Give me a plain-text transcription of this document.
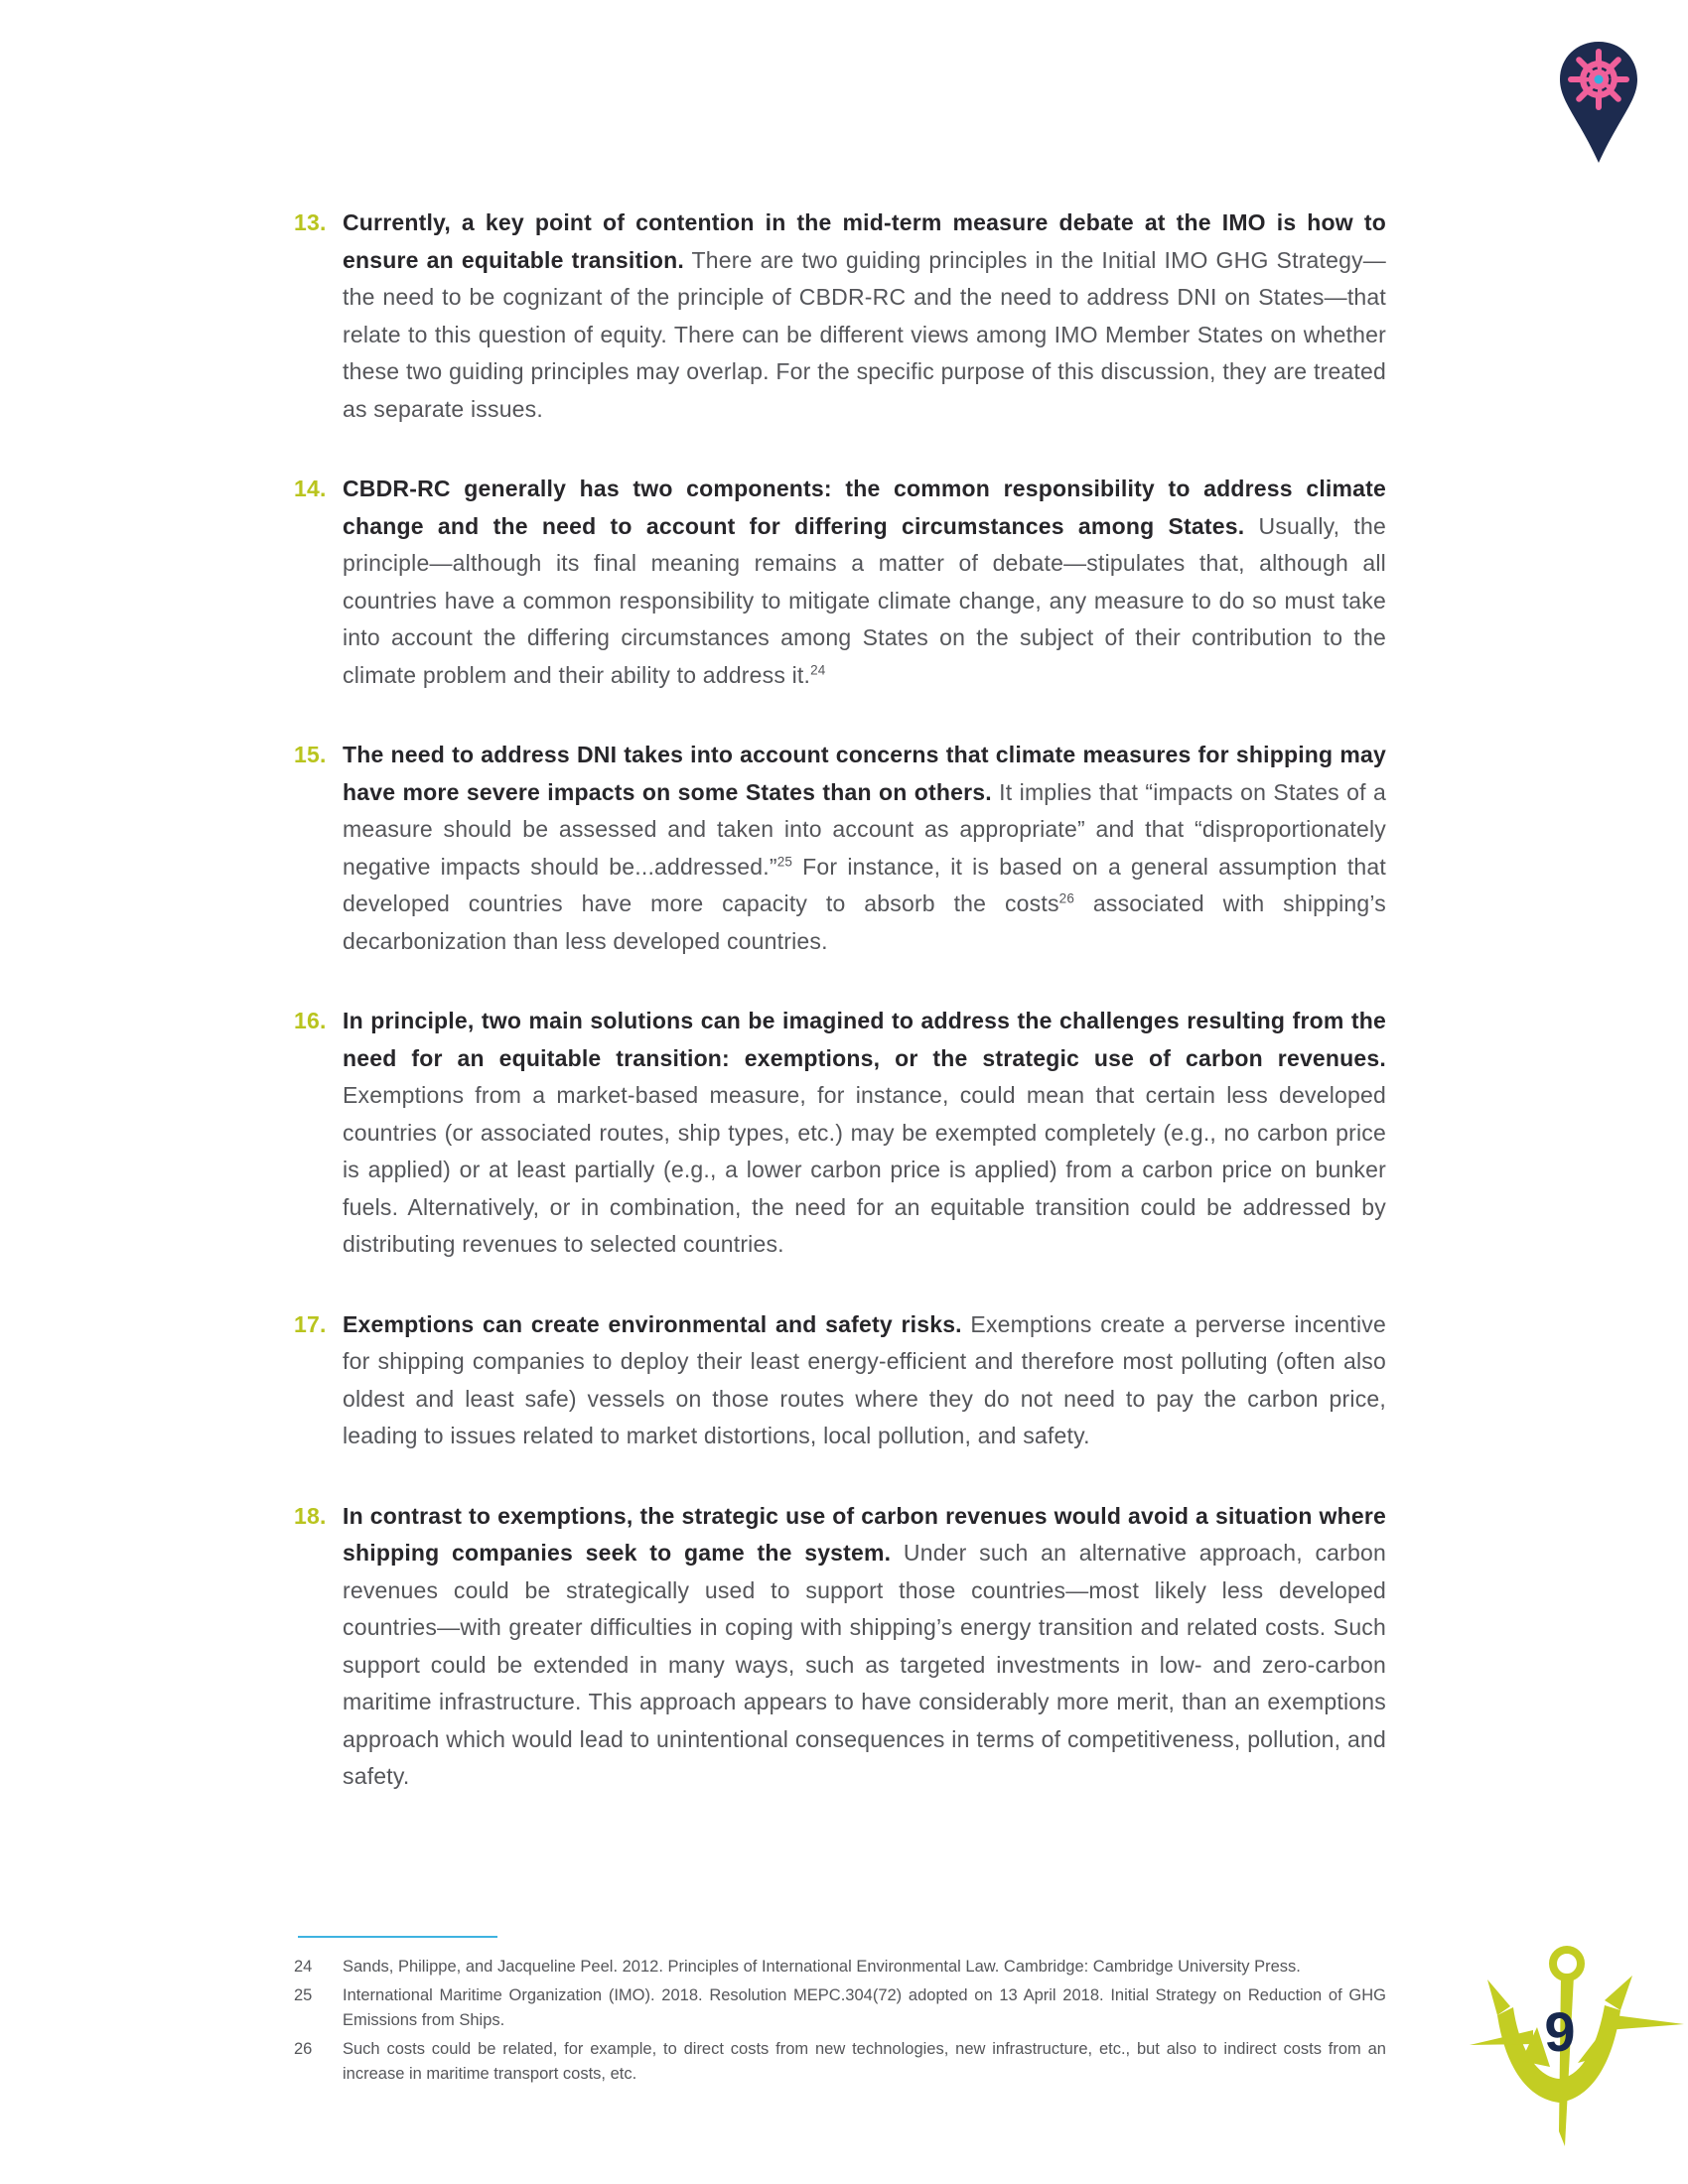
13. Currently, a key point of contention in the mid-term measure debate at the IMO is how to ensure an equitable transition. There are two guiding principles in the Initial IMO GHG Strategy—the need to be cognizant of the principle of CBDR-RC and the need to address DNI on States—that relate to this question of equity. There can be different views among IMO Member States on whether these two guiding principles may overlap. For the specific purpose of this discussion, they are treated as separate issues.

14. CBDR-RC generally has two components: the common responsibility to address climate change and the need to account for differing circumstances among States. Usually, the principle—although its final meaning remains a matter of debate—stipulates that, although all countries have a common responsibility to mitigate climate change, any measure to do so must take into account the differing circumstances among States on the subject of their contribution to the climate problem and their ability to address it.$^{24}$

15. The need to address DNI takes into account concerns that climate measures for shipping may have more severe impacts on some States than on others. It implies that “impacts on States of a measure should be assessed and taken into account as appropriate” and that “disproportionately negative impacts should be...addressed.”$^{25}$ For instance, it is based on a general assumption that developed countries have more capacity to absorb the costs$^{26}$ associated with shipping’s decarbonization than less developed countries.

16. In principle, two main solutions can be imagined to address the challenges resulting from the need for an equitable transition: exemptions, or the strategic use of carbon revenues. Exemptions from a market-based measure, for instance, could mean that certain less developed countries (or associated routes, ship types, etc.) may be exempted completely (e.g., no carbon price is applied) or at least partially (e.g., a lower carbon price is applied) from a carbon price on bunker fuels. Alternatively, or in combination, the need for an equitable transition could be addressed by distributing revenues to selected countries.

17. Exemptions can create environmental and safety risks. Exemptions create a perverse incentive for shipping companies to deploy their least energy-efficient and therefore most polluting (often also oldest and least safe) vessels on those routes where they do not need to pay the carbon price, leading to issues related to market distortions, local pollution, and safety.

18. In contrast to exemptions, the strategic use of carbon revenues would avoid a situation where shipping companies seek to game the system. Under such an alternative approach, carbon revenues could be strategically used to support those countries—most likely less developed countries—with greater difficulties in coping with shipping’s energy transition and related costs. Such support could be extended in many ways, such as targeted investments in low- and zero-carbon maritime infrastructure. This approach appears to have considerably more merit, than an exemptions approach which would lead to unintentional consequences in terms of competitiveness, pollution, and safety.

24	Sands, Philippe, and Jacqueline Peel. 2012. Principles of International Environmental Law. Cambridge: Cambridge University Press.

25	International Maritime Organization (IMO). 2018. Resolution MEPC.304(72) adopted on 13 April 2018. Initial Strategy on Reduction of GHG Emissions from Ships.

26	Such costs could be related, for example, to direct costs from new technologies, new infrastructure, etc., but also to indirect costs from an increase in maritime transport costs, etc.

9
